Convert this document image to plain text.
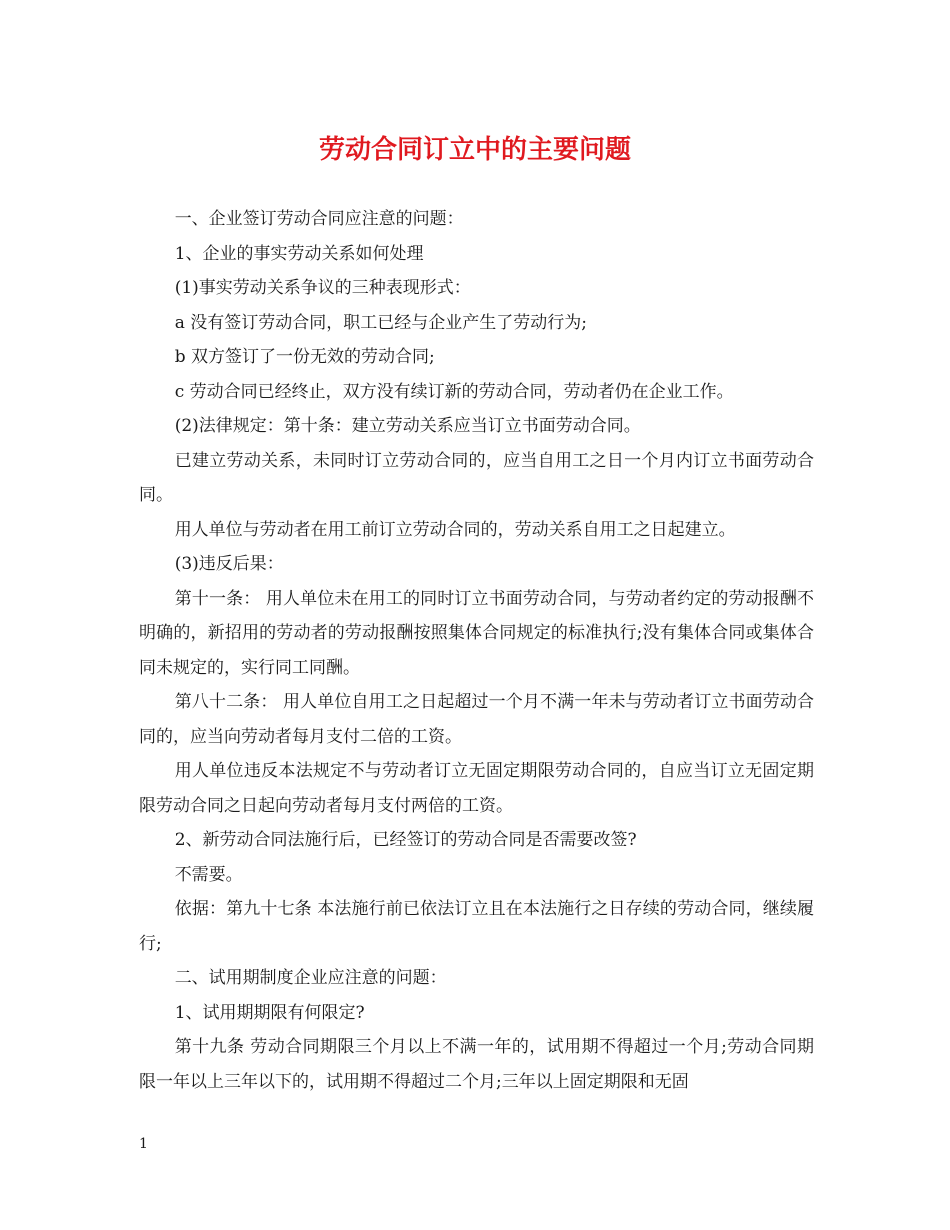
劳动合同订立中的主要问题

一、企业签订劳动合同应注意的问题：

1、企业的事实劳动关系如何处理

(1)事实劳动关系争议的三种表现形式：

a 没有签订劳动合同，职工已经与企业产生了劳动行为;

b 双方签订了一份无效的劳动合同;

c 劳动合同已经终止，双方没有续订新的劳动合同，劳动者仍在企业工作。

(2)法律规定：第十条：建立劳动关系应当订立书面劳动合同。

已建立劳动关系，未同时订立劳动合同的，应当自用工之日一个月内订立书面劳动合同。

用人单位与劳动者在用工前订立劳动合同的，劳动关系自用工之日起建立。

(3)违反后果：

第十一条： 用人单位未在用工的同时订立书面劳动合同，与劳动者约定的劳动报酬不明确的，新招用的劳动者的劳动报酬按照集体合同规定的标准执行;没有集体合同或集体合同未规定的，实行同工同酬。

第八十二条： 用人单位自用工之日起超过一个月不满一年未与劳动者订立书面劳动合同的，应当向劳动者每月支付二倍的工资。

用人单位违反本法规定不与劳动者订立无固定期限劳动合同的，自应当订立无固定期限劳动合同之日起向劳动者每月支付两倍的工资。

2、新劳动合同法施行后，已经签订的劳动合同是否需要改签?

不需要。

依据：第九十七条 本法施行前已依法订立且在本法施行之日存续的劳动合同，继续履行;

二、试用期制度企业应注意的问题：

1、试用期期限有何限定?

第十九条 劳动合同期限三个月以上不满一年的，试用期不得超过一个月;劳动合同期限一年以上三年以下的，试用期不得超过二个月;三年以上固定期限和无固

1
